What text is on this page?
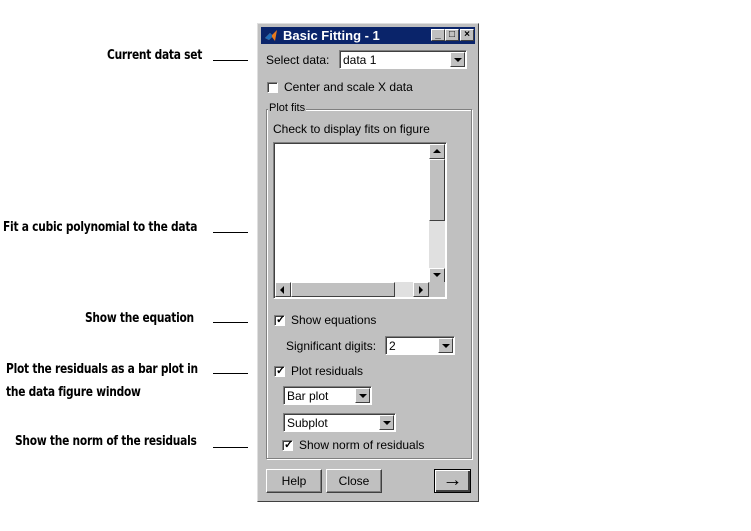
Current data set
Fit a cubic polynomial to the data
Show the equation
Plot the residuals as a bar plot in
the data figure window
Show the norm of the residuals
Basic Fitting - 1	_ □ ×
Select data: data 1
Center and scale X data
Plot fits
Check to display fits on figure
✓ Show equations
Significant digits: 2
✓ Plot residuals
Bar plot
Subplot
✓ Show norm of residuals
Help	Close	→
